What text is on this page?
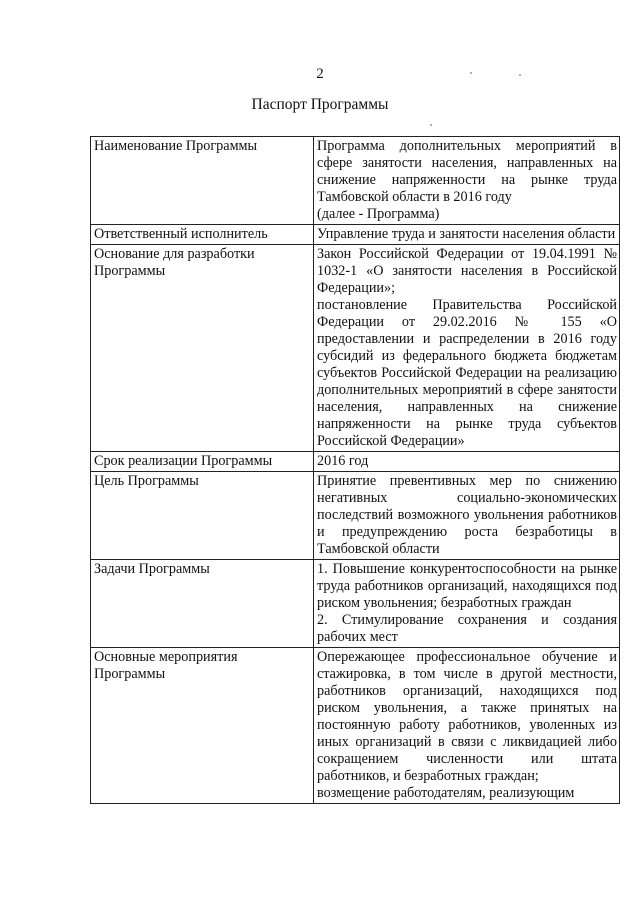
2
Паспорт Программы
Наименование Программы	Программа дополнительных мероприятий в сфере занятости населения, направленных на снижение напряженности на рынке труда Тамбовской области в 2016 году
(далее - Программа)

Ответственный исполнитель	Управление труда и занятости населения области

Основание для разработки Программы	Закон Российской Федерации от 19.04.1991 № 1032-1 «О занятости населения в Российской Федерации»;
постановление Правительства Российской Федерации от 29.02.2016 № 155 «О предоставлении и распределении в 2016 году субсидий из федерального бюджета бюджетам субъектов Российской Федерации на реализацию дополнительных мероприятий в сфере занятости населения, направленных на снижение напряженности на рынке труда субъектов Российской Федерации»

Срок реализации Программы	2016 год

Цель Программы	Принятие превентивных мер по снижению негативных социально-экономических последствий возможного увольнения работников и предупреждению роста безработицы в Тамбовской области

Задачи Программы	1. Повышение конкурентоспособности на рынке труда работников организаций, находящихся под риском увольнения; безработных граждан
2. Стимулирование сохранения и создания рабочих мест

Основные мероприятия Программы	Опережающее профессиональное обучение и стажировка, в том числе в другой местности, работников организаций, находящихся под риском увольнения, а также принятых на постоянную работу работников, уволенных из иных организаций в связи с ликвидацией либо сокращением численности или штата работников, и безработных граждан;
возмещение работодателям, реализующим
